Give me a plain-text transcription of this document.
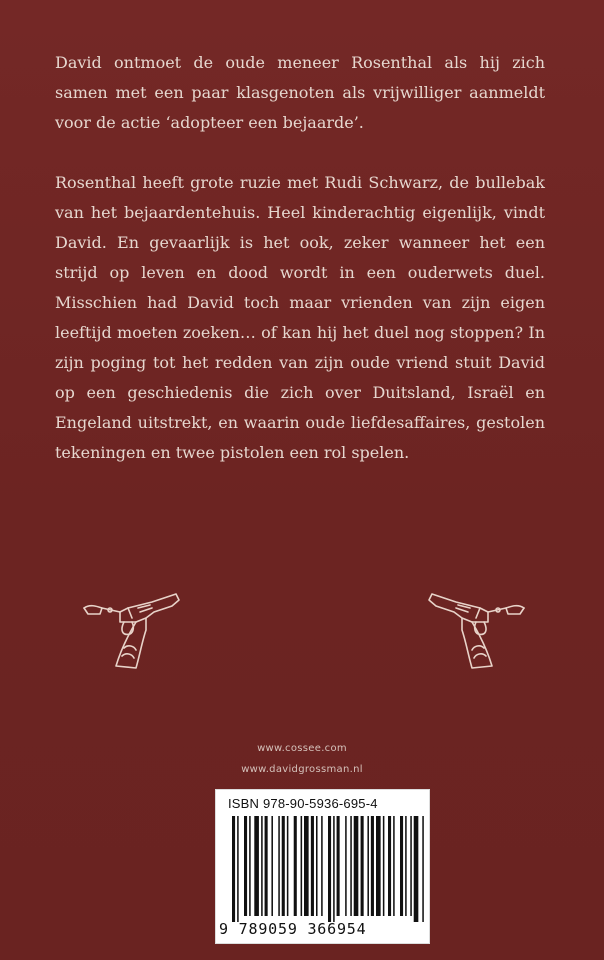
David ontmoet de oude meneer Rosenthal als hij zich samen met een paar klasgenoten als vrijwilliger aanmeldt voor de actie ‘adopteer een bejaarde’.

Rosenthal heeft grote ruzie met Rudi Schwarz, de bullebak van het bejaardentehuis. Heel kinderachtig eigenlijk, vindt David. En gevaarlijk is het ook, zeker wanneer het een strijd op leven en dood wordt in een ouderwets duel. Misschien had David toch maar vrienden van zijn eigen leeftijd moeten zoeken… of kan hij het duel nog stoppen? In zijn poging tot het redden van zijn oude vriend stuit David op een geschiedenis die zich over Duitsland, Israël en Engeland uitstrekt, en waarin oude liefdesaffaires, gestolen tekeningen en twee pistolen een rol spelen.

www.cossee.com
www.davidgrossman.nl
ISBN 978-90-5936-695-4
9 789059 366954
